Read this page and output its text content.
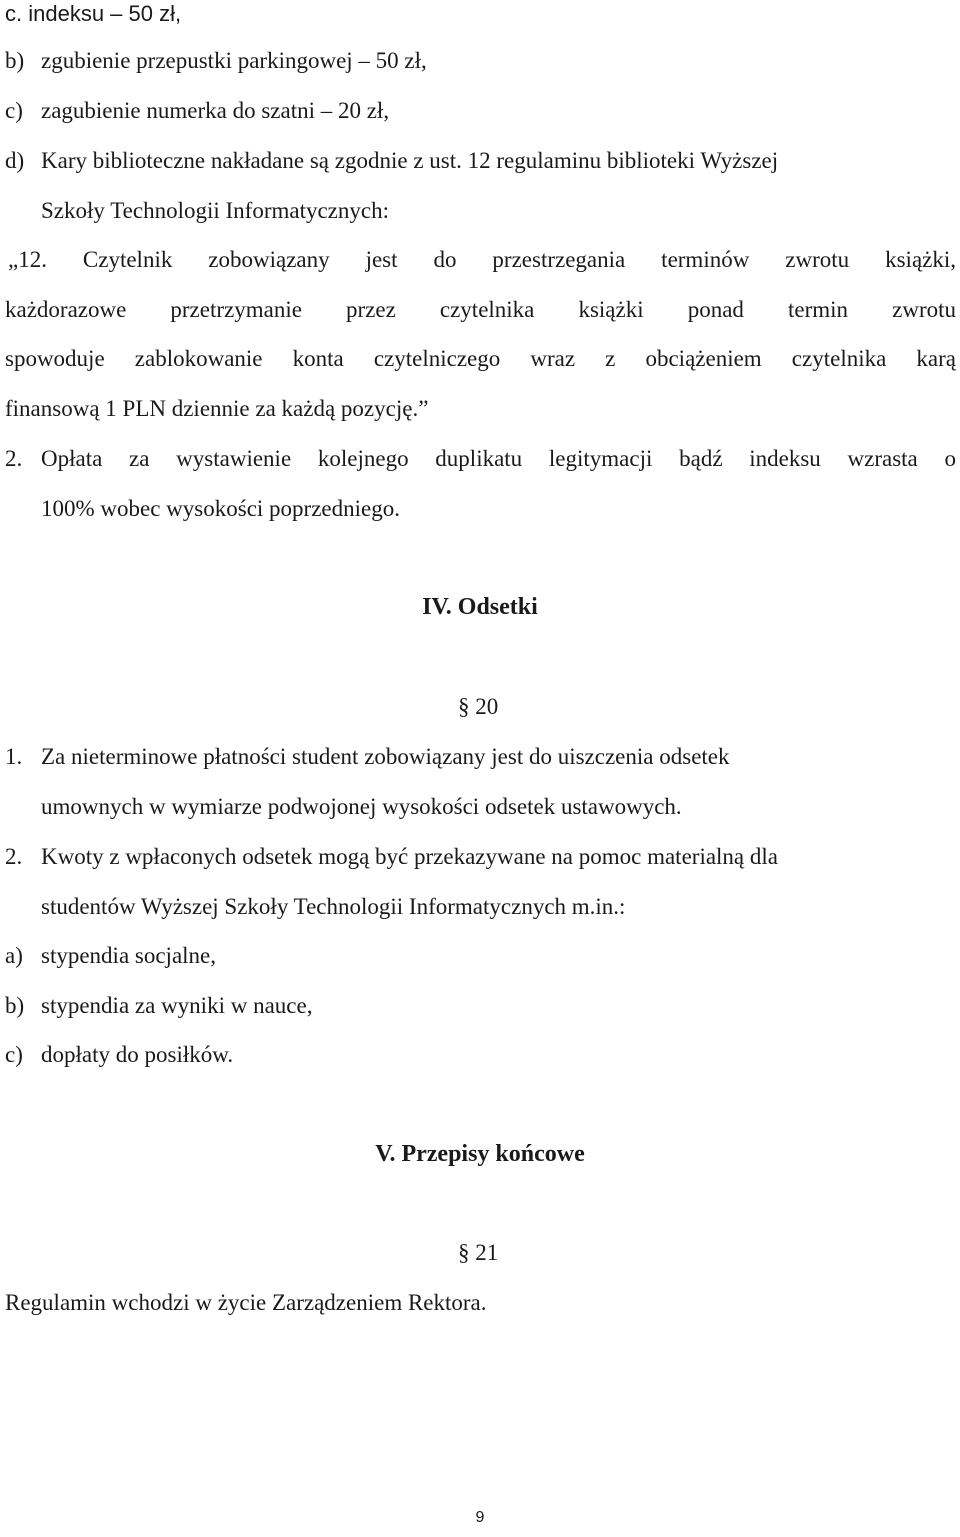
c. indeksu – 50 zł,
b) zgubienie przepustki parkingowej – 50 zł,
c) zagubienie numerka do szatni – 20 zł,
d) Kary biblioteczne nakładane są zgodnie z ust. 12 regulaminu biblioteki Wyższej
Szkoły Technologii Informatycznych:
„12. Czytelnik zobowiązany jest do przestrzegania terminów zwrotu książki,
każdorazowe przetrzymanie przez czytelnika książki ponad termin zwrotu
spowoduje zablokowanie konta czytelniczego wraz z obciążeniem czytelnika karą
finansową 1 PLN dziennie za każdą pozycję.”
2. Opłata za wystawienie kolejnego duplikatu legitymacji bądź indeksu wzrasta o
100% wobec wysokości poprzedniego.
IV. Odsetki
§ 20
1. Za nieterminowe płatności student zobowiązany jest do uiszczenia odsetek
umownych w wymiarze podwojonej wysokości odsetek ustawowych.
2. Kwoty z wpłaconych odsetek mogą być przekazywane na pomoc materialną dla
studentów Wyższej Szkoły Technologii Informatycznych m.in.:
a) stypendia socjalne,
b) stypendia za wyniki w nauce,
c) dopłaty do posiłków.
V. Przepisy końcowe
§ 21
Regulamin wchodzi w życie Zarządzeniem Rektora.
9
